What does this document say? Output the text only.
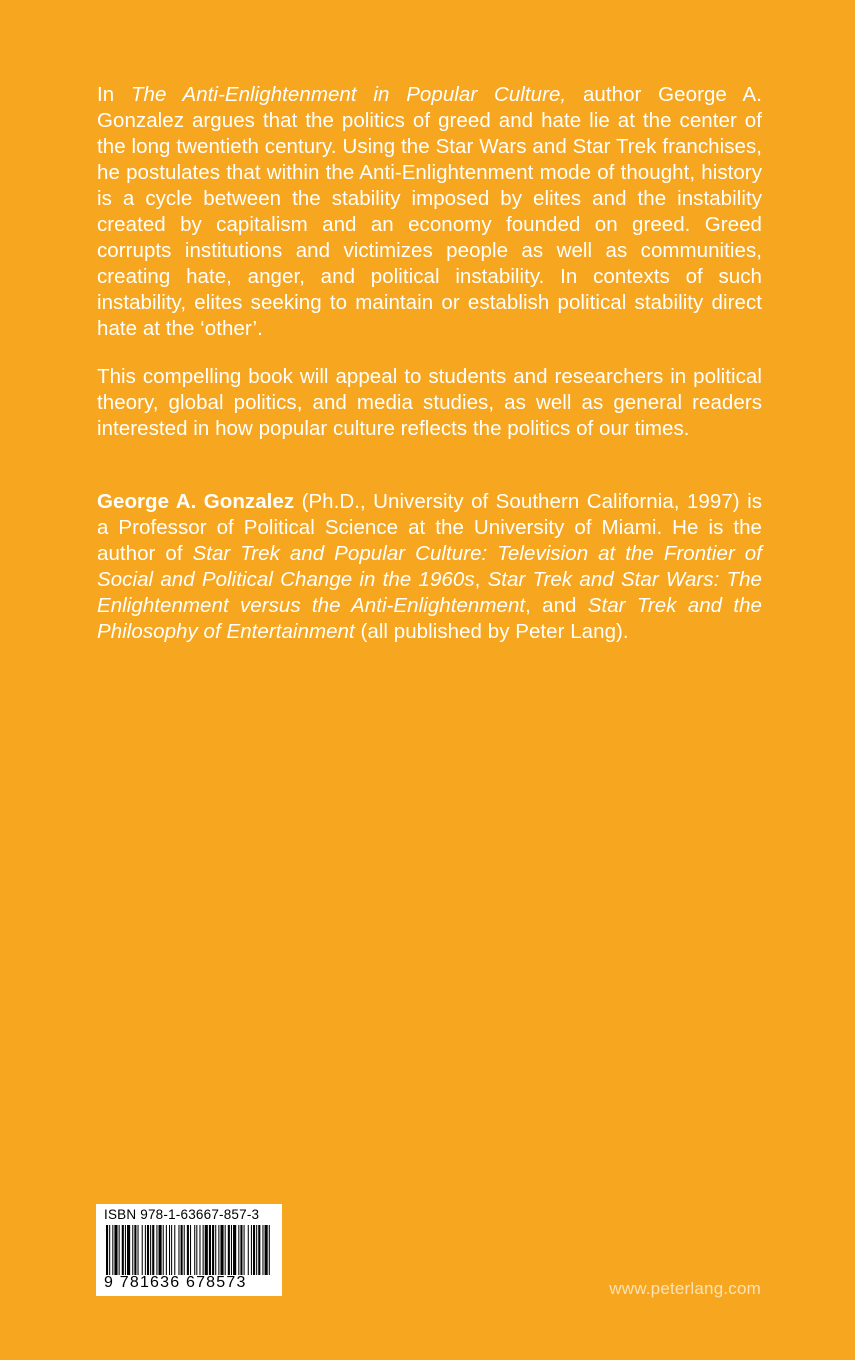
In The Anti-Enlightenment in Popular Culture, author George A. Gonzalez argues that the politics of greed and hate lie at the center of the long twentieth century. Using the Star Wars and Star Trek franchises, he postulates that within the Anti-Enlightenment mode of thought, history is a cycle between the stability imposed by elites and the instability created by capitalism and an economy founded on greed. Greed corrupts institutions and victimizes people as well as communities, creating hate, anger, and political instability. In contexts of such instability, elites seeking to maintain or establish political stability direct hate at the ‘other’.

This compelling book will appeal to students and researchers in political theory, global politics, and media studies, as well as general readers interested in how popular culture reflects the politics of our times.

George A. Gonzalez (Ph.D., University of Southern California, 1997) is a Professor of Political Science at the University of Miami. He is the author of Star Trek and Popular Culture: Television at the Frontier of Social and Political Change in the 1960s, Star Trek and Star Wars: The Enlightenment versus the Anti-Enlightenment, and Star Trek and the Philosophy of Entertainment (all published by Peter Lang).

ISBN 978-1-63667-857-3
9 781636 678573	www.peterlang.com
